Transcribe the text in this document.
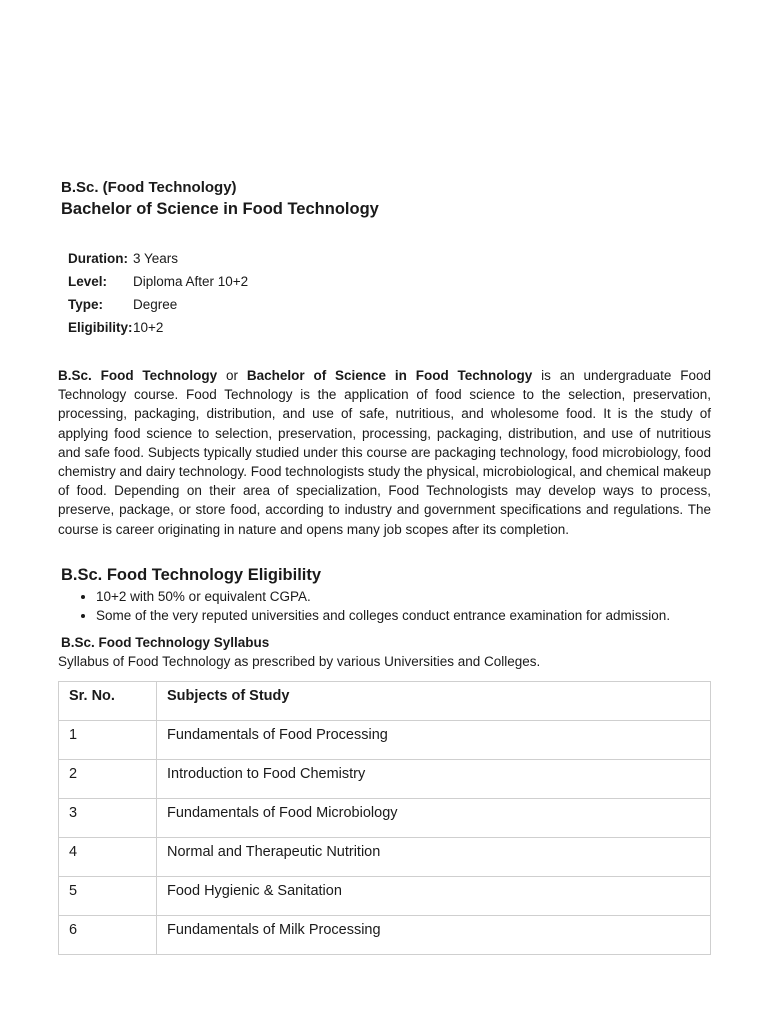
B.Sc. (Food Technology)
Bachelor of Science in Food Technology
Duration:	3 Years
Level:	Diploma After 10+2
Type:	Degree
Eligibility:	10+2

B.Sc. Food Technology or Bachelor of Science in Food Technology is an undergraduate Food Technology course. Food Technology is the application of food science to the selection, preservation, processing, packaging, distribution, and use of safe, nutritious, and wholesome food. It is the study of applying food science to selection, preservation, processing, packaging, distribution, and use of nutritious and safe food. Subjects typically studied under this course are packaging technology, food microbiology, food chemistry and dairy technology. Food technologists study the physical, microbiological, and chemical makeup of food. Depending on their area of specialization, Food Technologists may develop ways to process, preserve, package, or store food, according to industry and government specifications and regulations. The course is career originating in nature and opens many job scopes after its completion.

B.Sc. Food Technology Eligibility
• 10+2 with 50% or equivalent CGPA.
• Some of the very reputed universities and colleges conduct entrance examination for admission.
B.Sc. Food Technology Syllabus

Syllabus of Food Technology as prescribed by various Universities and Colleges.

Sr. No.	Subjects of Study
1	Fundamentals of Food Processing
2	Introduction to Food Chemistry
3	Fundamentals of Food Microbiology
4	Normal and Therapeutic Nutrition
5	Food Hygienic & Sanitation
6	Fundamentals of Milk Processing
